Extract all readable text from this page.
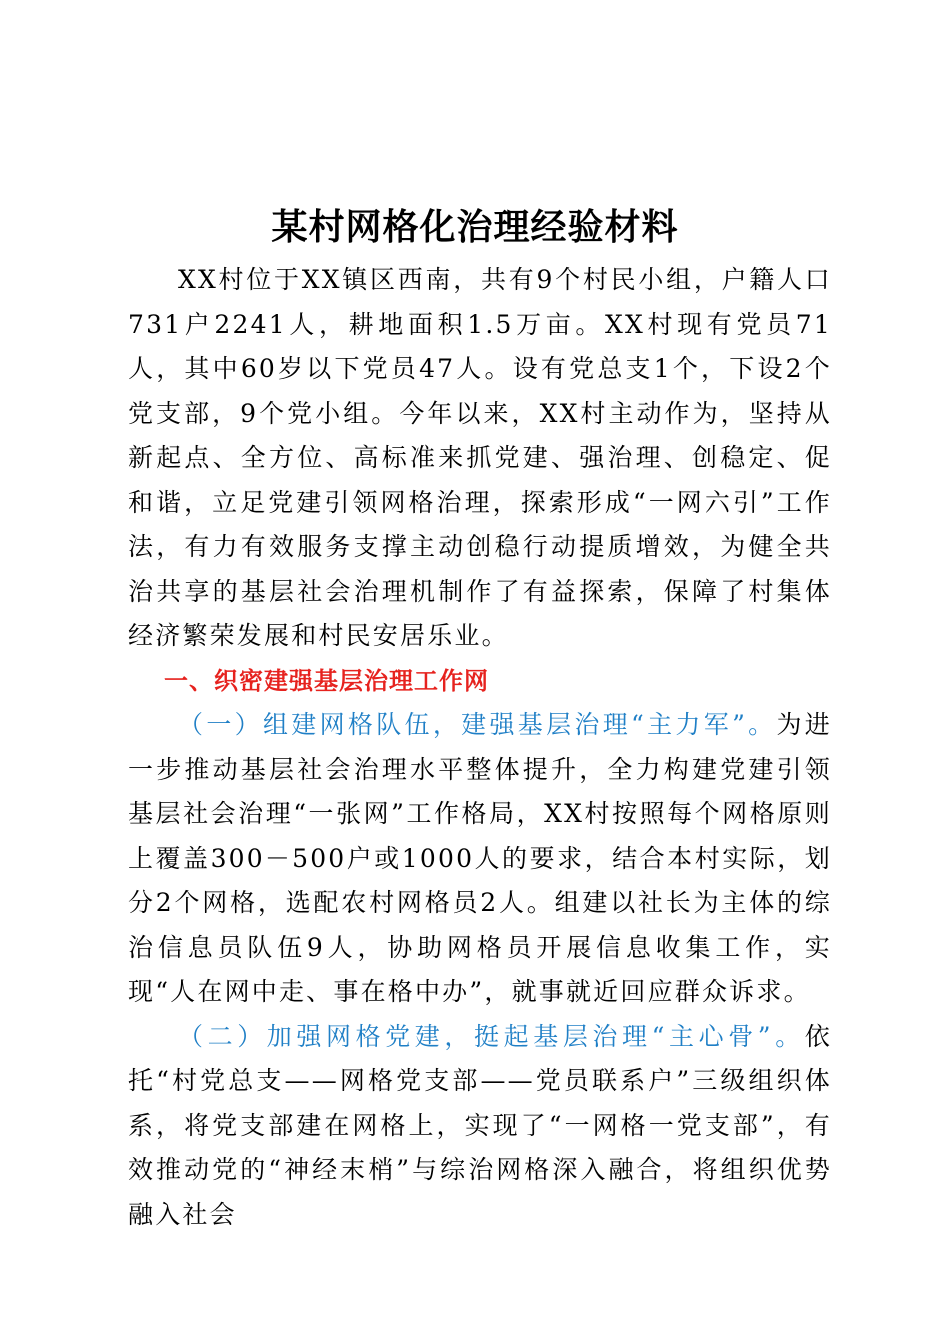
某村网格化治理经验材料

XX村位于XX镇区西南，共有9个村民小组，户籍人口731户2241人，耕地面积1.5万亩。XX村现有党员71人，其中60岁以下党员47人。设有党总支1个，下设2个党支部，9个党小组。今年以来，XX村主动作为，坚持从新起点、全方位、高标准来抓党建、强治理、创稳定、促和谐，立足党建引领网格治理，探索形成“一网六引”工作法，有力有效服务支撑主动创稳行动提质增效，为健全共治共享的基层社会治理机制作了有益探索，保障了村集体经济繁荣发展和村民安居乐业。

一、织密建强基层治理工作网

（一）组建网格队伍，建强基层治理“主力军”。为进一步推动基层社会治理水平整体提升，全力构建党建引领基层社会治理“一张网”工作格局，XX村按照每个网格原则上覆盖300－500户或1000人的要求，结合本村实际，划分2个网格，选配农村网格员2人。组建以社长为主体的综治信息员队伍9人，协助网格员开展信息收集工作，实现“人在网中走、事在格中办”，就事就近回应群众诉求。

（二）加强网格党建，挺起基层治理“主心骨”。依托“村党总支——网格党支部——党员联系户”三级组织体系，将党支部建在网格上，实现了“一网格一党支部”，有效推动党的“神经末梢”与综治网格深入融合，将组织优势融入社会
